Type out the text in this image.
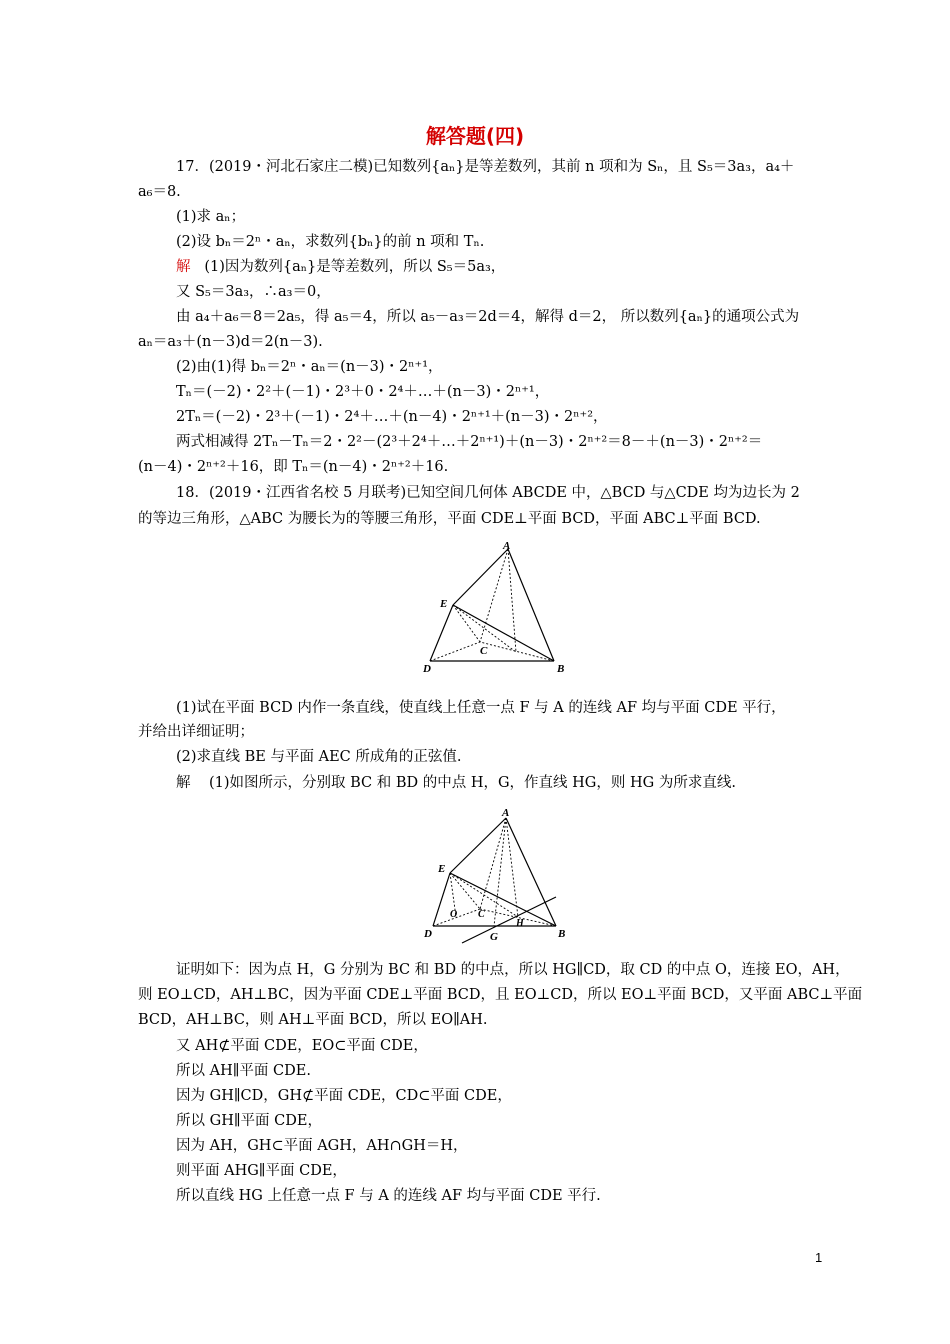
解答题(四)
17．(2019・河北石家庄二模)已知数列{aₙ}是等差数列，其前 n 项和为 Sₙ，且 S₅＝3a₃，a₄＋
a₆＝8.
(1)求 aₙ；
(2)设 bₙ＝2ⁿ・aₙ，求数列{bₙ}的前 n 项和 Tₙ.
解 (1)因为数列{aₙ}是等差数列，所以 S₅＝5a₃，
又 S₅＝3a₃，∴a₃＝0，
由 a₄＋a₆＝8＝2a₅，得 a₅＝4，所以 a₅－a₃＝2d＝4，解得 d＝2， 所以数列{aₙ}的通项公式为
aₙ＝a₃＋(n－3)d＝2(n－3).
(2)由(1)得 bₙ＝2ⁿ・aₙ＝(n－3)・2ⁿ⁺¹，
Tₙ＝(－2)・2²＋(－1)・2³＋0・2⁴＋…＋(n－3)・2ⁿ⁺¹，
2Tₙ＝(－2)・2³＋(－1)・2⁴＋…＋(n－4)・2ⁿ⁺¹＋(n－3)・2ⁿ⁺²，
两式相减得 2Tₙ－Tₙ＝2・2²－(2³＋2⁴＋…＋2ⁿ⁺¹)＋(n－3)・2ⁿ⁺²＝8－＋(n－3)・2ⁿ⁺²＝
(n－4)・2ⁿ⁺²＋16，即 Tₙ＝(n－4)・2ⁿ⁺²＋16.
18．(2019・江西省名校 5 月联考)已知空间几何体 ABCDE 中，△BCD 与△CDE 均为边长为 2
的等边三角形，△ABC 为腰长为的等腰三角形，平面 CDE⊥平面 BCD，平面 ABC⊥平面 BCD.
A
E
C
D	B
(1)试在平面 BCD 内作一条直线，使直线上任意一点 F 与 A 的连线 AF 均与平面 CDE 平行，
并给出详细证明；
(2)求直线 BE 与平面 AEC 所成角的正弦值.
解 (1)如图所示，分别取 BC 和 BD 的中点 H，G，作直线 HG，则 HG 为所求直线.
A
E
O C
H
D	G	B
证明如下：因为点 H，G 分别为 BC 和 BD 的中点，所以 HG∥CD，取 CD 的中点 O，连接 EO，AH，
则 EO⊥CD，AH⊥BC，因为平面 CDE⊥平面 BCD，且 EO⊥CD，所以 EO⊥平面 BCD，又平面 ABC⊥平面
BCD，AH⊥BC，则 AH⊥平面 BCD，所以 EO∥AH.
又 AH⊄平面 CDE，EO⊂平面 CDE，
所以 AH∥平面 CDE.
因为 GH∥CD，GH⊄平面 CDE，CD⊂平面 CDE，
所以 GH∥平面 CDE，
因为 AH，GH⊂平面 AGH，AH∩GH＝H，
则平面 AHG∥平面 CDE，
所以直线 HG 上任意一点 F 与 A 的连线 AF 均与平面 CDE 平行.
1
